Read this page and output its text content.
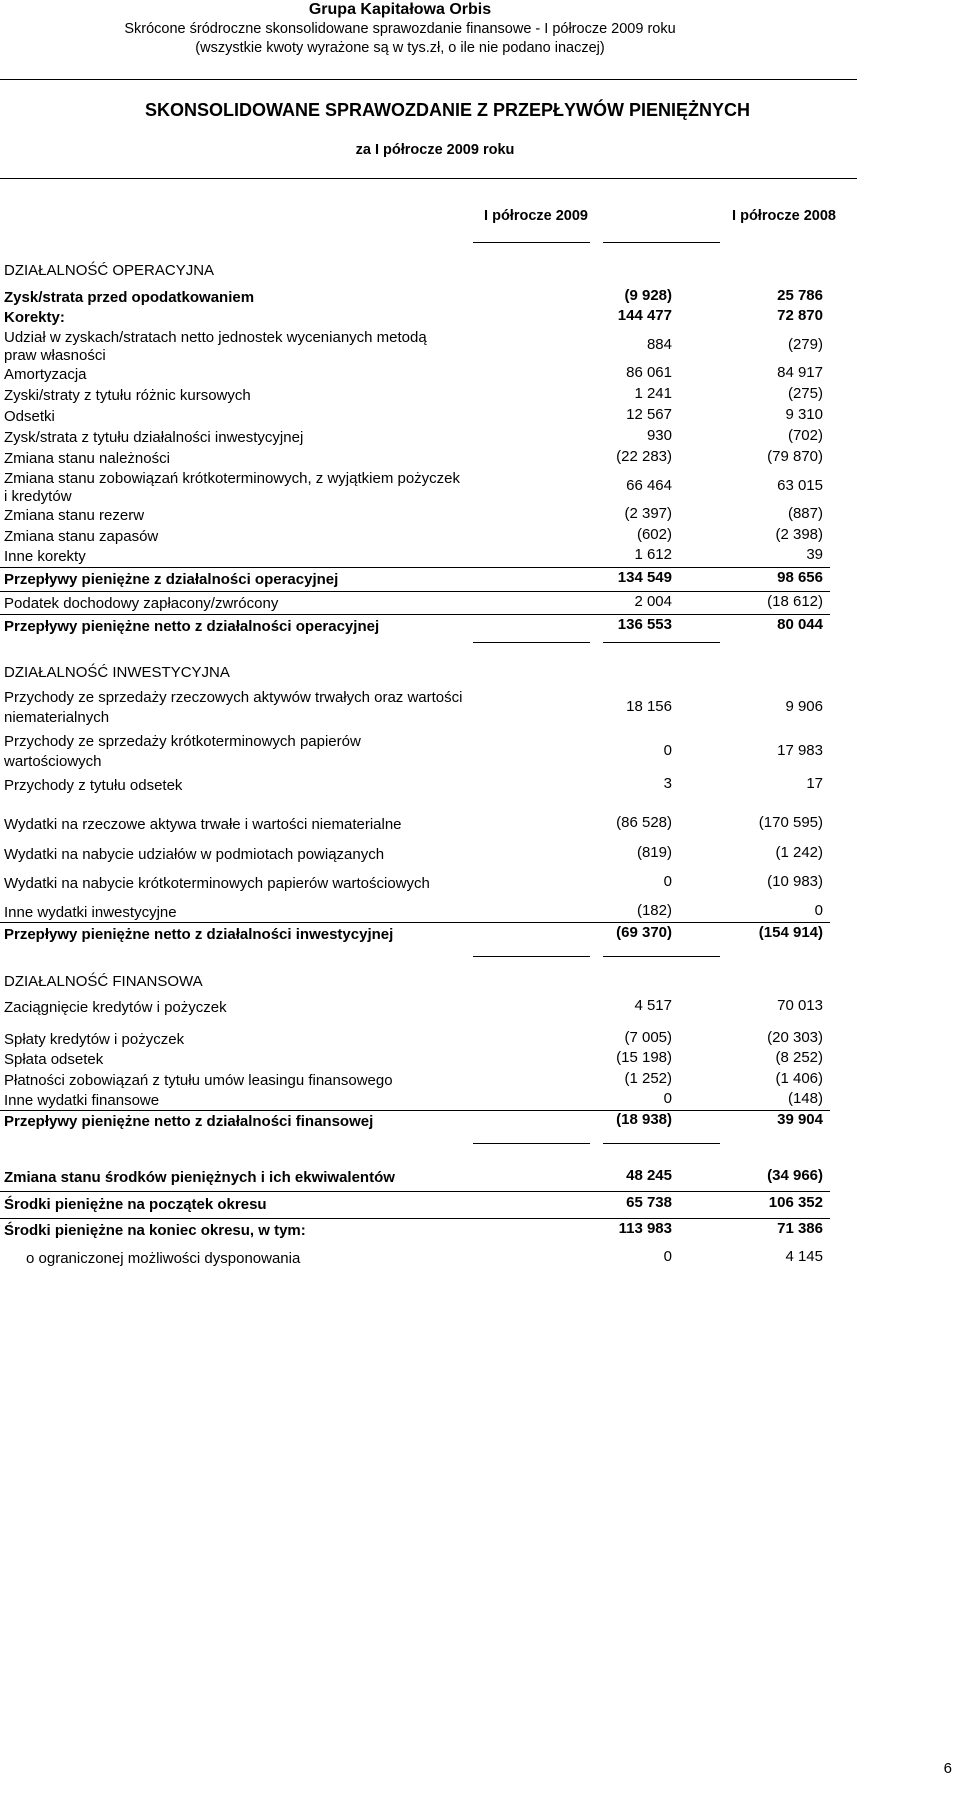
Grupa Kapitałowa Orbis
Skrócone śródroczne skonsolidowane sprawozdanie finansowe - I półrocze 2009 roku
(wszystkie kwoty wyrażone są w tys.zł, o ile nie podano inaczej)
SKONSOLIDOWANE SPRAWOZDANIE Z PRZEPŁYWÓW PIENIĘŻNYCH
za I półrocze 2009 roku
I półrocze 2009	I półrocze 2008
DZIAŁALNOŚĆ OPERACYJNA
Zysk/strata przed opodatkowaniem	(9 928)	25 786
Korekty:	144 477	72 870
Udział w zyskach/stratach netto jednostek wycenianych metodą
praw własności
884	(279)
Amortyzacja	86 061	84 917
Zyski/straty z tytułu różnic kursowych	1 241	(275)
Odsetki	12 567	9 310
Zysk/strata z tytułu działalności inwestycyjnej	930	(702)
Zmiana stanu należności	(22 283)	(79 870)
Zmiana stanu zobowiązań krótkoterminowych, z wyjątkiem pożyczek
i kredytów
66 464	63 015
Zmiana stanu rezerw	(2 397)	(887)
Zmiana stanu zapasów	(602)	(2 398)
Inne korekty	1 612	39
Przepływy pieniężne z działalności operacyjnej	134 549	98 656
Podatek dochodowy zapłacony/zwrócony	2 004	(18 612)
Przepływy pieniężne netto z działalności operacyjnej	136 553	80 044
DZIAŁALNOŚĆ INWESTYCYJNA
Przychody ze sprzedaży rzeczowych aktywów trwałych oraz wartości
niematerialnych
18 156	9 906
Przychody ze sprzedaży krótkoterminowych papierów
wartościowych
0	17 983
Przychody z tytułu odsetek	3	17
Wydatki na rzeczowe aktywa trwałe i wartości niematerialne	(86 528)	(170 595)
Wydatki na nabycie udziałów w podmiotach powiązanych	(819)	(1 242)
Wydatki na nabycie krótkoterminowych papierów wartościowych	0	(10 983)
Inne wydatki inwestycyjne	(182)	0
Przepływy pieniężne netto z działalności inwestycyjnej	(69 370)	(154 914)
DZIAŁALNOŚĆ FINANSOWA
Zaciągnięcie kredytów i pożyczek	4 517	70 013
Spłaty kredytów i pożyczek	(7 005)	(20 303)
Spłata odsetek	(15 198)	(8 252)
Płatności zobowiązań z tytułu umów leasingu finansowego	(1 252)	(1 406)
Inne wydatki finansowe	0	(148)
Przepływy pieniężne netto z działalności finansowej	(18 938)	39 904
Zmiana stanu środków pieniężnych i ich ekwiwalentów	48 245	(34 966)
Środki pieniężne na początek okresu	65 738	106 352
Środki pieniężne na koniec okresu, w tym:	113 983	71 386
o ograniczonej możliwości dysponowania	0	4 145
6
